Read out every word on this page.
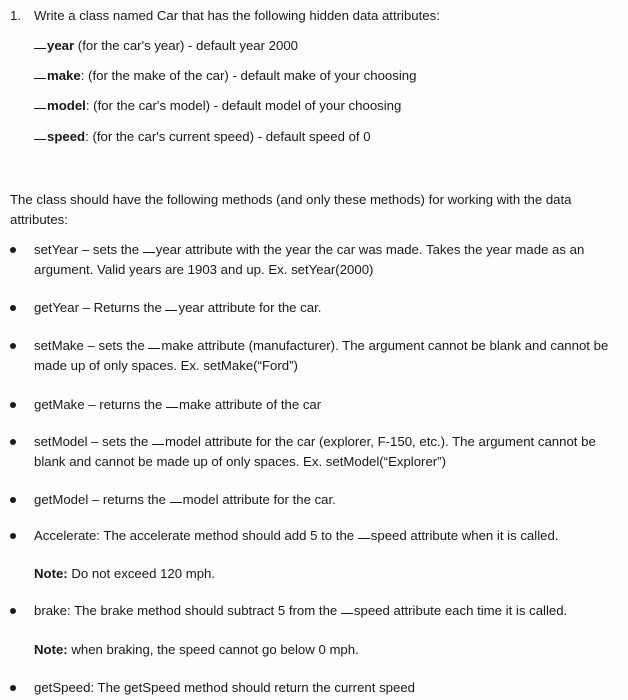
1. Write a class named Car that has the following hidden data attributes:
year (for the car's year) - default year 2000
make: (for the make of the car) - default make of your choosing
model: (for the car's model) - default model of your choosing
speed: (for the car's current speed) - default speed of 0
The class should have the following methods (and only these methods) for working with the data attributes:
setYear – sets the year attribute with the year the car was made. Takes the year made as an argument. Valid years are 1903 and up. Ex. setYear(2000)
getYear – Returns the year attribute for the car.
setMake – sets the make attribute (manufacturer). The argument cannot be blank and cannot be made up of only spaces. Ex. setMake(“Ford”)
getMake – returns the make attribute of the car
setModel – sets the model attribute for the car (explorer, F-150, etc.). The argument cannot be blank and cannot be made up of only spaces. Ex. setModel(“Explorer”)
getModel – returns the model attribute for the car.
Accelerate: The accelerate method should add 5 to the speed attribute when it is called.
Note: Do not exceed 120 mph.
brake: The brake method should subtract 5 from the speed attribute each time it is called.
Note: when braking, the speed cannot go below 0 mph.
getSpeed: The getSpeed method should return the current speed
